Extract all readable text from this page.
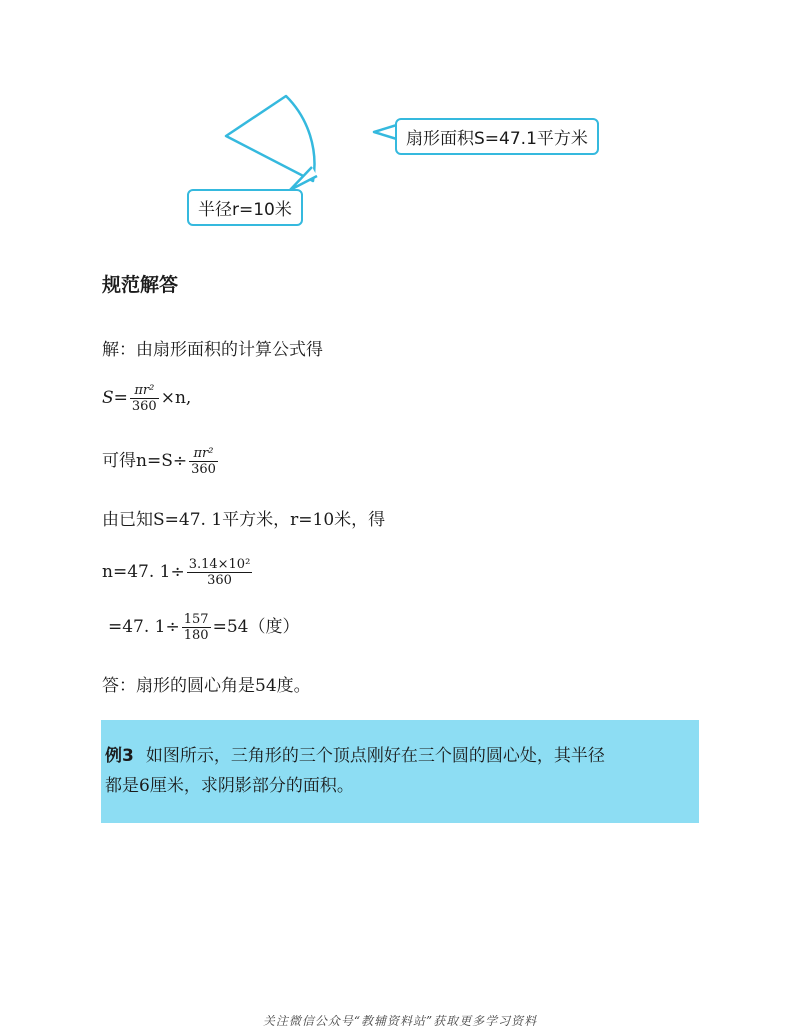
扇形面积S=47.1平方米
半径r=10米
规范解答
解：由扇形面积的计算公式得
$S= \frac{\text{πr²}}{360} \times n$,
可得$n=S\div \frac{\text{πr²}}{360}$
由已知S=47. 1平方米，r=10米，得
n=47. $1\div \frac{\text{3.14×10²}}{360}$
=47. $1\div \frac{157}{180} =54$（度）
答：扇形的圆心角是54度。
例3 如图所示，三角形的三个顶点刚好在三个圆的圆心处，其半径
都是6厘米，求阴影部分的面积。
关注微信公众号“教辅资料站”获取更多学习资料
